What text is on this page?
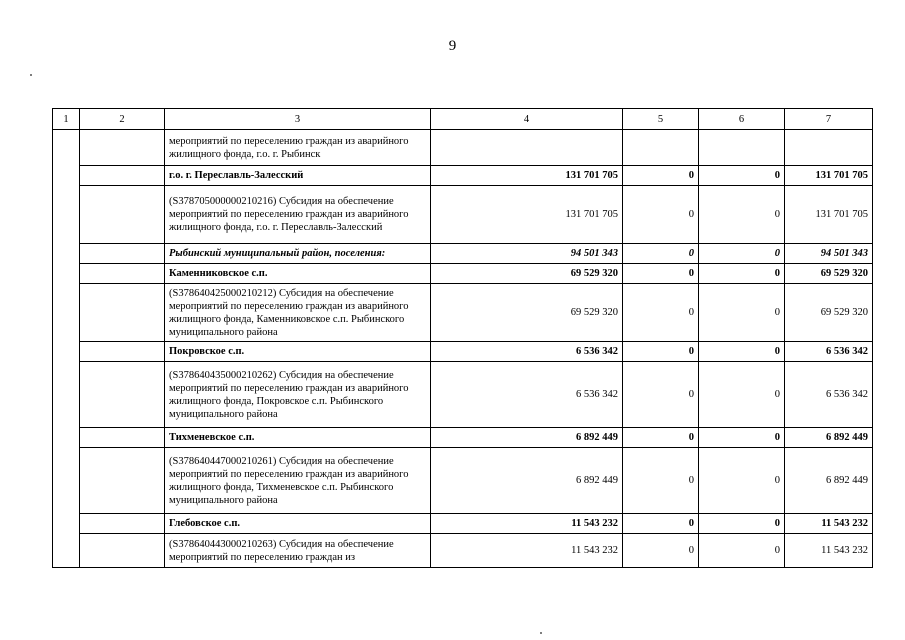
9
1	2	3	4	5	6	7
		мероприятий по переселению граждан из аварийного жилищного фонда, г.о. г. Рыбинск				
		г.о. г. Переславль-Залесский	131 701 705	0	0	131 701 705
		(S378705000000210216) Субсидия на обеспечение мероприятий по переселению граждан из аварийного жилищного фонда, г.о. г. Переславль-Залесский	131 701 705	0	0	131 701 705
		Рыбинский муниципальный район, поселения:	94 501 343	0	0	94 501 343
		Каменниковское с.п.	69 529 320	0	0	69 529 320
		(S378640425000210212) Субсидия на обеспечение мероприятий по переселению граждан из аварийного жилищного фонда, Каменниковское с.п. Рыбинского муниципального района	69 529 320	0	0	69 529 320
		Покровское с.п.	6 536 342	0	0	6 536 342
		(S378640435000210262) Субсидия на обеспечение мероприятий по переселению граждан из аварийного жилищного фонда, Покровское с.п. Рыбинского муниципального района	6 536 342	0	0	6 536 342
		Тихменевское с.п.	6 892 449	0	0	6 892 449
		(S378640447000210261) Субсидия на обеспечение мероприятий по переселению граждан из аварийного жилищного фонда, Тихменевское с.п. Рыбинского муниципального района	6 892 449	0	0	6 892 449
		Глебовское с.п.	11 543 232	0	0	11 543 232
		(S378640443000210263) Субсидия на обеспечение мероприятий по переселению граждан из	11 543 232	0	0	11 543 232
